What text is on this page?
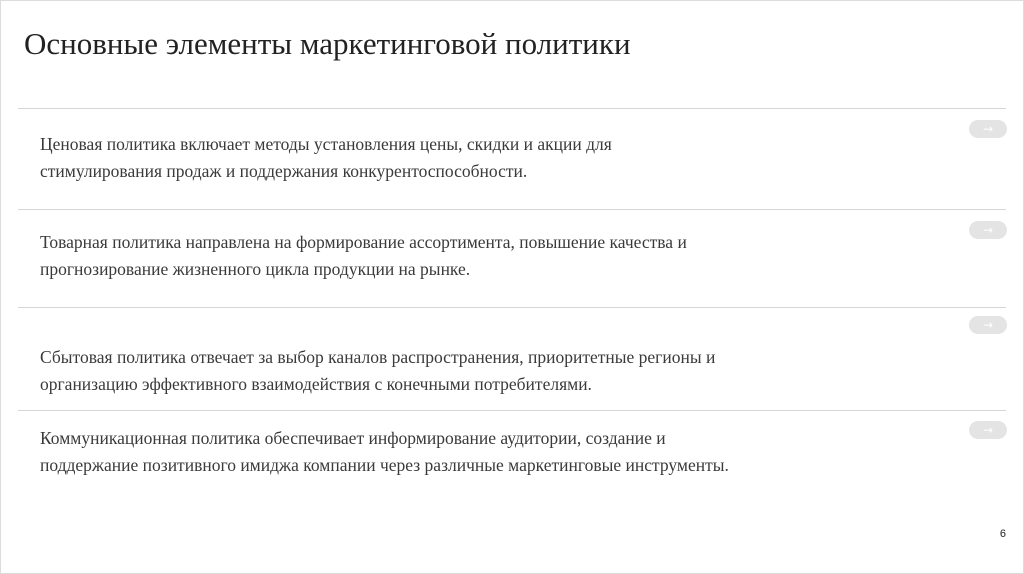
Основные элементы маркетинговой политики
Ценовая политика включает методы установления цены, скидки и акции для
стимулирования продаж и поддержания конкурентоспособности.
→
Товарная политика направлена на формирование ассортимента, повышение качества и
прогнозирование жизненного цикла продукции на рынке.
→
Сбытовая политика отвечает за выбор каналов распространения, приоритетные регионы и
организацию эффективного взаимодействия с конечными потребителями.
→
Коммуникационная политика обеспечивает информирование аудитории, создание и
поддержание позитивного имиджа компании через различные маркетинговые инструменты.
→
6
